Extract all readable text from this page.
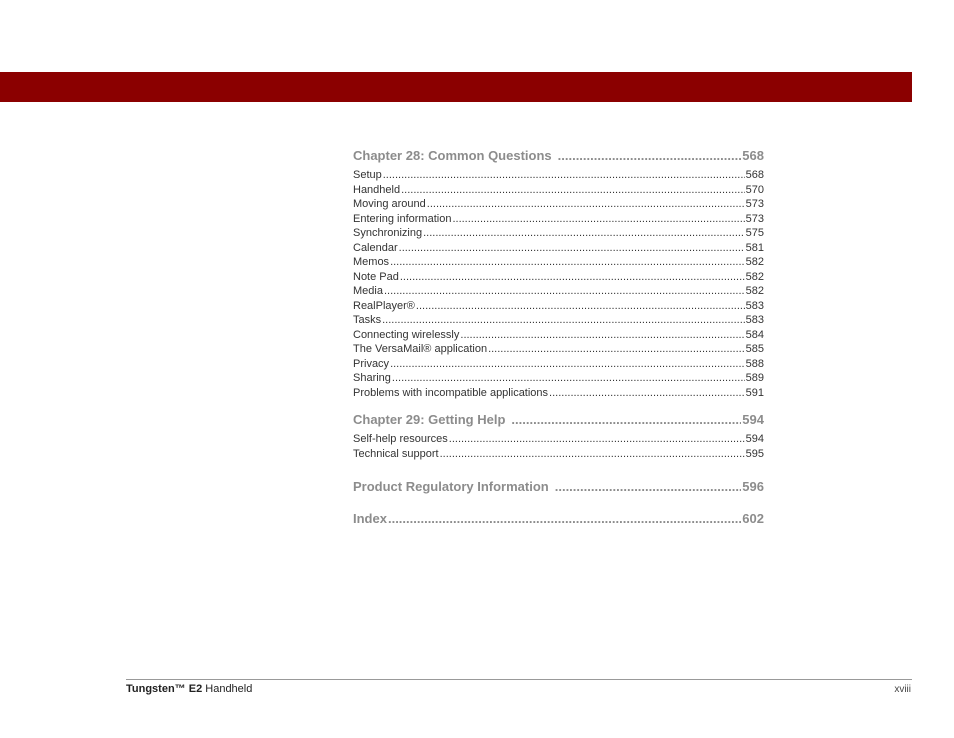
Chapter 28: Common Questions .....	568
Setup .....	568
Handheld .....	570
Moving around .....	573
Entering information .....	573
Synchronizing .....	575
Calendar .....	581
Memos .....	582
Note Pad .....	582
Media .....	582
RealPlayer® .....	583
Tasks .....	583
Connecting wirelessly .....	584
The VersaMail® application .....	585
Privacy .....	588
Sharing .....	589
Problems with incompatible applications .....	591
Chapter 29: Getting Help .....	594
Self-help resources .....	594
Technical support .....	595
Product Regulatory Information .....	596
Index .....	602
Tungsten™ E2 Handheld	xviii
